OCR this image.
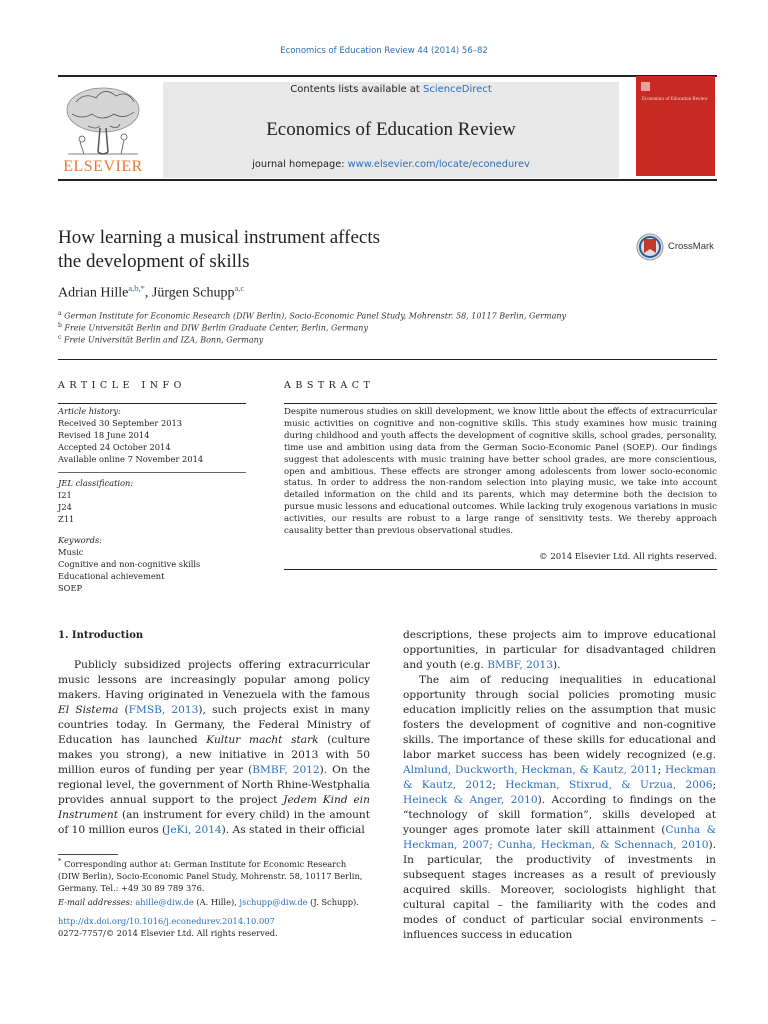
Economics of Education Review 44 (2014) 56–82
ELSEVIER
Contents lists available at ScienceDirect
Economics of Education Review
journal homepage: www.elsevier.com/locate/econedurev
Economics of Education Review
How learning a musical instrument affects
the development of skills
CrossMark
Adrian Hille$^{a,b,*}$, Jürgen Schupp$^{a,c}$
$^a$ German Institute for Economic Research (DIW Berlin), Socio-Economic Panel Study, Mohrenstr. 58, 10117 Berlin, Germany
$^b$ Freie Universität Berlin and DIW Berlin Graduate Center, Berlin, Germany
$^c$ Freie Universität Berlin and IZA, Bonn, Germany
ARTICLE INFO
Article history:
Received 30 September 2013
Revised 18 June 2014
Accepted 24 October 2014
Available online 7 November 2014
JEL classification:
I21
J24
Z11
Keywords:
Music
Cognitive and non-cognitive skills
Educational achievement
SOEP
ABSTRACT
Despite numerous studies on skill development, we know little about the effects of extracurricular music activities on cognitive and non-cognitive skills. This study examines how music training during childhood and youth affects the development of cognitive skills, school grades, personality, time use and ambition using data from the German Socio-Economic Panel (SOEP). Our findings suggest that adolescents with music training have better school grades, are more conscientious, open and ambitious. These effects are stronger among adolescents from lower socio-economic status. In order to address the non-random selection into playing music, we take into account detailed information on the child and its parents, which may determine both the decision to pursue music lessons and educational outcomes. While lacking truly exogenous variations in music activities, our results are robust to a large range of sensitivity tests. We thereby approach causality better than previous observational studies.
© 2014 Elsevier Ltd. All rights reserved.
1. Introduction

Publicly subsidized projects offering extracurricular music lessons are increasingly popular among policy makers. Having originated in Venezuela with the famous El Sistema (FMSB, 2013), such projects exist in many countries today. In Germany, the Federal Ministry of Education has launched Kultur macht stark (culture makes you strong), a new initiative in 2013 with 50 million euros of funding per year (BMBF, 2012). On the regional level, the government of North Rhine-Westphalia provides annual support to the project Jedem Kind ein Instrument (an instrument for every child) in the amount of 10 million euros (JeKi, 2014). As stated in their official

descriptions, these projects aim to improve educational opportunities, in particular for disadvantaged children and youth (e.g. BMBF, 2013).

The aim of reducing inequalities in educational opportunity through social policies promoting music education implicitly relies on the assumption that music fosters the development of cognitive and non-cognitive skills. The importance of these skills for educational and labor market success has been widely recognized (e.g. Almlund, Duckworth, Heckman, & Kautz, 2011; Heckman & Kautz, 2012; Heckman, Stixrud, & Urzua, 2006; Heineck & Anger, 2010). According to findings on the “technology of skill formation”, skills developed at younger ages promote later skill attainment (Cunha & Heckman, 2007; Cunha, Heckman, & Schennach, 2010). In particular, the productivity of investments in subsequent stages increases as a result of previously acquired skills. Moreover, sociologists highlight that cultural capital – the familiarity with the codes and modes of conduct of particular social environments – influences success in education

* Corresponding author at: German Institute for Economic Research (DIW Berlin), Socio-Economic Panel Study, Mohrenstr. 58, 10117 Berlin, Germany. Tel.: +49 30 89 789 376.
E-mail addresses: ahille@diw.de (A. Hille), jschupp@diw.de (J. Schupp).
http://dx.doi.org/10.1016/j.econedurev.2014.10.007
0272-7757/© 2014 Elsevier Ltd. All rights reserved.
